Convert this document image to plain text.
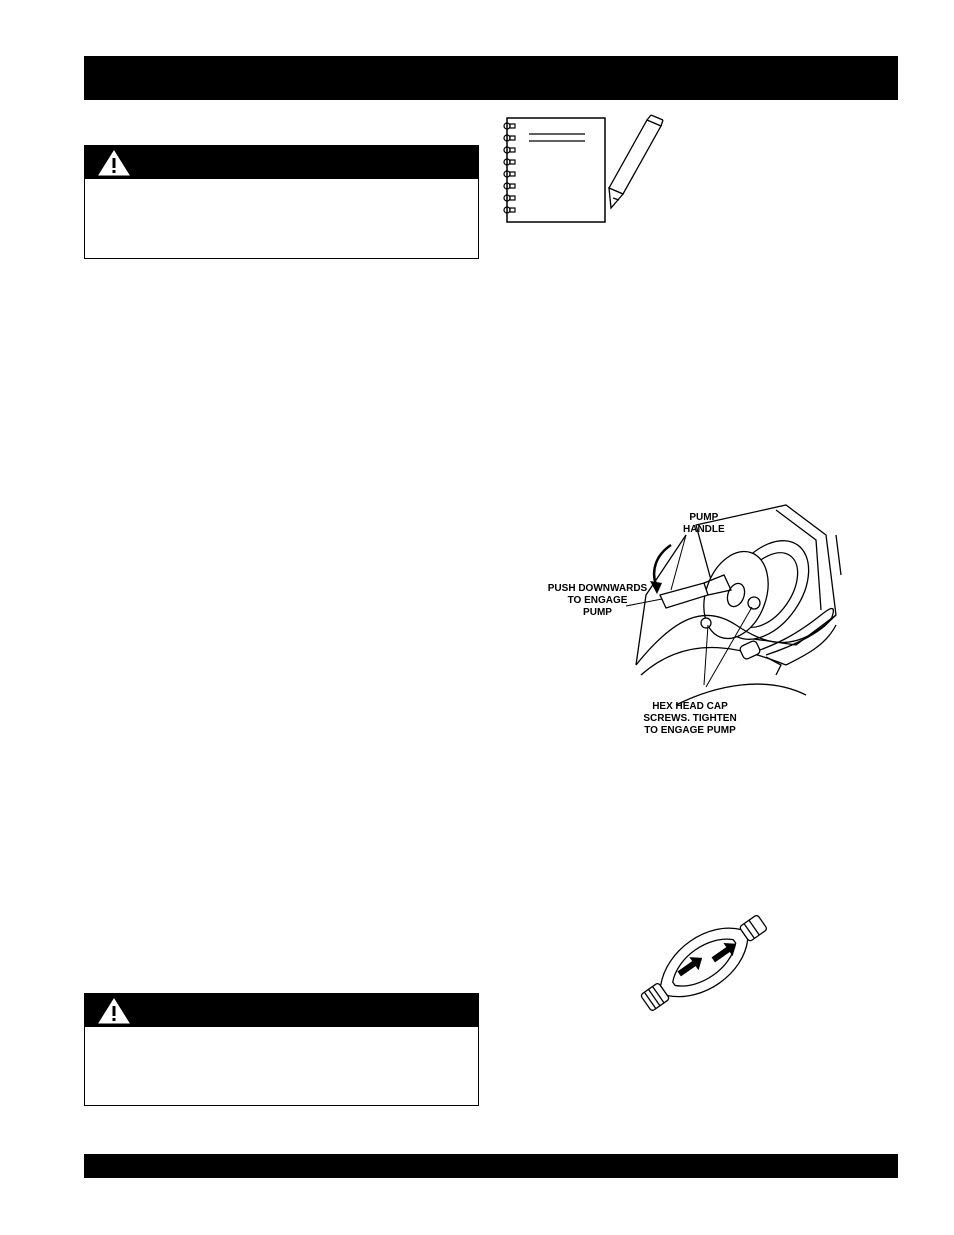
PUMP
HANDLE
PUSH DOWNWARDS
TO ENGAGE
PUMP
HEX HEAD CAP
SCREWS. TIGHTEN
TO ENGAGE PUMP
